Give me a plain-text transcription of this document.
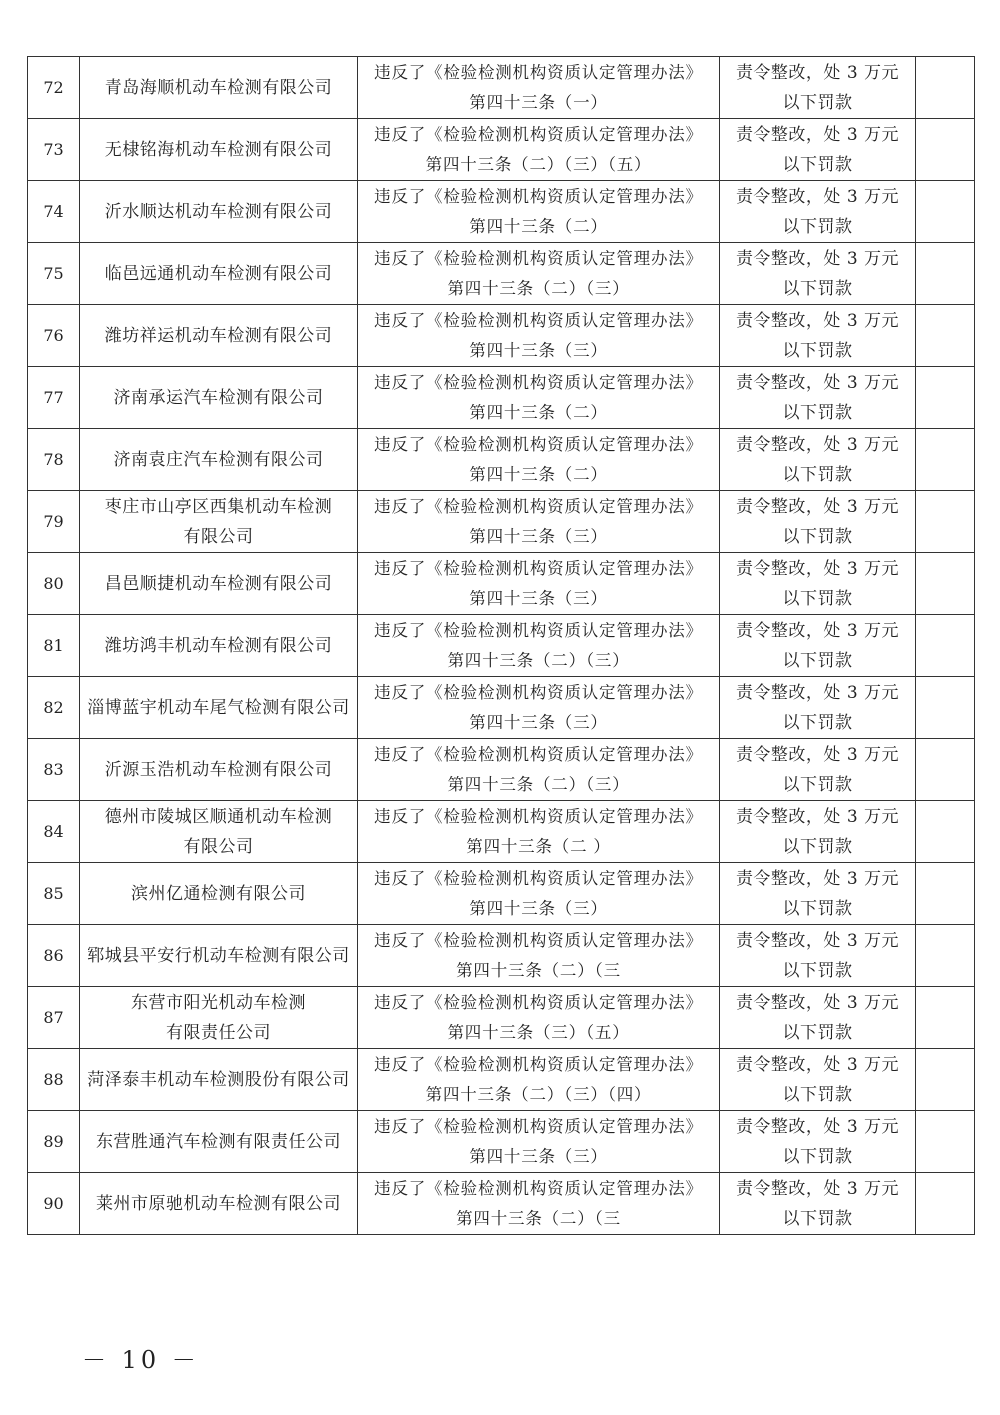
72	青岛海顺机动车检测有限公司	违反了《检验检测机构资质认定管理办法》
第四十三条（一）	责令整改，处 3 万元
以下罚款	

73	无棣铭海机动车检测有限公司	违反了《检验检测机构资质认定管理办法》
第四十三条（二）（三）（五）	责令整改，处 3 万元
以下罚款	

74	沂水顺达机动车检测有限公司	违反了《检验检测机构资质认定管理办法》
第四十三条（二）	责令整改，处 3 万元
以下罚款	

75	临邑远通机动车检测有限公司	违反了《检验检测机构资质认定管理办法》
第四十三条（二）（三）	责令整改，处 3 万元
以下罚款	

76	潍坊祥运机动车检测有限公司	违反了《检验检测机构资质认定管理办法》
第四十三条（三）	责令整改，处 3 万元
以下罚款	

77	济南承运汽车检测有限公司	违反了《检验检测机构资质认定管理办法》
第四十三条（二）	责令整改，处 3 万元
以下罚款	

78	济南袁庄汽车检测有限公司	违反了《检验检测机构资质认定管理办法》
第四十三条（二）	责令整改，处 3 万元
以下罚款	

79	枣庄市山亭区西集机动车检测
有限公司	违反了《检验检测机构资质认定管理办法》
第四十三条（三）	责令整改，处 3 万元
以下罚款	

80	昌邑顺捷机动车检测有限公司	违反了《检验检测机构资质认定管理办法》
第四十三条（三）	责令整改，处 3 万元
以下罚款	

81	潍坊鸿丰机动车检测有限公司	违反了《检验检测机构资质认定管理办法》
第四十三条（二）（三）	责令整改，处 3 万元
以下罚款	

82	淄博蓝宇机动车尾气检测有限公司	违反了《检验检测机构资质认定管理办法》
第四十三条（三）	责令整改，处 3 万元
以下罚款	

83	沂源玉浩机动车检测有限公司	违反了《检验检测机构资质认定管理办法》
第四十三条（二）（三）	责令整改，处 3 万元
以下罚款	

84	德州市陵城区顺通机动车检测
有限公司	违反了《检验检测机构资质认定管理办法》
第四十三条（二 ）	责令整改，处 3 万元
以下罚款	

85	滨州亿通检测有限公司	违反了《检验检测机构资质认定管理办法》
第四十三条（三）	责令整改，处 3 万元
以下罚款	

86	郓城县平安行机动车检测有限公司	违反了《检验检测机构资质认定管理办法》
第四十三条（二）（三	责令整改，处 3 万元
以下罚款	

87	东营市阳光机动车检测
有限责任公司	违反了《检验检测机构资质认定管理办法》
第四十三条（三）（五）	责令整改，处 3 万元
以下罚款	

88	菏泽泰丰机动车检测股份有限公司	违反了《检验检测机构资质认定管理办法》
第四十三条（二）（三）（四）	责令整改，处 3 万元
以下罚款	

89	东营胜通汽车检测有限责任公司	违反了《检验检测机构资质认定管理办法》
第四十三条（三）	责令整改，处 3 万元
以下罚款	

90	莱州市原驰机动车检测有限公司	违反了《检验检测机构资质认定管理办法》
第四十三条（二）（三	责令整改，处 3 万元
以下罚款	

－ 10 －
